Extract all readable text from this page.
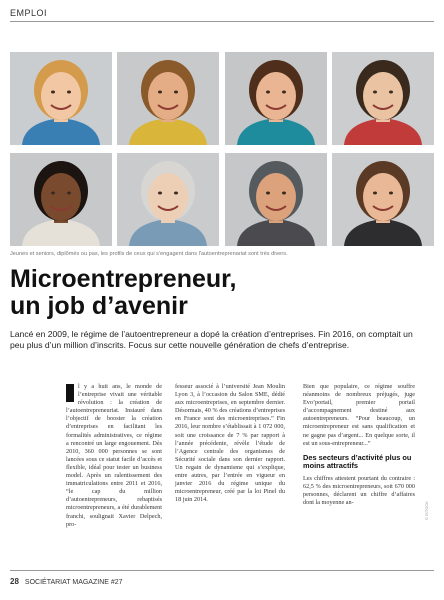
EMPLOI
Jeunes et seniors, diplômés ou pas, les profils de ceux qui s'engagent dans l'autoentreprenariat sont très divers.
Microentrepreneur,
un job d’avenir
Lancé en 2009, le régime de l’autoentrepreneur a dopé la création d’entreprises. Fin 2016, on comptait un peu plus d’un million d’inscrits. Focus sur cette nouvelle génération de chefs d’entreprise.

l y a huit ans, le monde de l’entreprise vivait une véritable révolution : la création de l’autoentrepreneuriat. Instauré dans l’objectif de booster la création d’entreprises en facilitant les formalités administratives, ce régime a rencontré un large engouement. Dès 2010, 360 000 personnes se sont lancées sous ce statut facile d’accès et flexible, idéal pour tester un business model. Après un ralentissement des immatriculations entre 2011 et 2016, “le cap du million d’autoentrepreneurs, rebaptisés microentrepreneurs, a été durablement franchi, soulignait Xavier Delpech, pro-

fesseur associé à l’université Jean Moulin Lyon 3, à l’occasion du Salon SME, dédié aux microentreprises, en septembre dernier. Désormais, 40 % des créations d’entreprises en France sont des microentreprises.” Fin 2016, leur nombre s’établissait à 1 072 000, soit une croissance de 7 % par rapport à l’année précédente, révèle l’étude de l’Agence centrale des organismes de Sécurité sociale dans son dernier rapport. Un regain de dynamisme qui s’explique, entre autres, par l’entrée en vigueur en janvier 2016 du régime unique du microentrepreneur, créé par la loi Pinel du 18 juin 2014.

Bien que populaire, ce régime souffre néanmoins de nombreux préjugés, juge Evo’portail, premier portail d’accompagnement destiné aux autoentrepreneurs. “Pour beaucoup, un microentrepreneur est sans qualification et ne gagne pas d’argent... En quelque sorte, il est un sous-entrepreneur...”

Des secteurs d’activité plus ou moins attractifs

Les chiffres attestent pourtant du contraire : 62,5 % des microentrepreneurs, soit 670 000 personnes, déclarent un chiffre d’affaires dont la moyenne an-	© ISTOCK
28 SOCIÉTARIAT MAGAZINE #27
